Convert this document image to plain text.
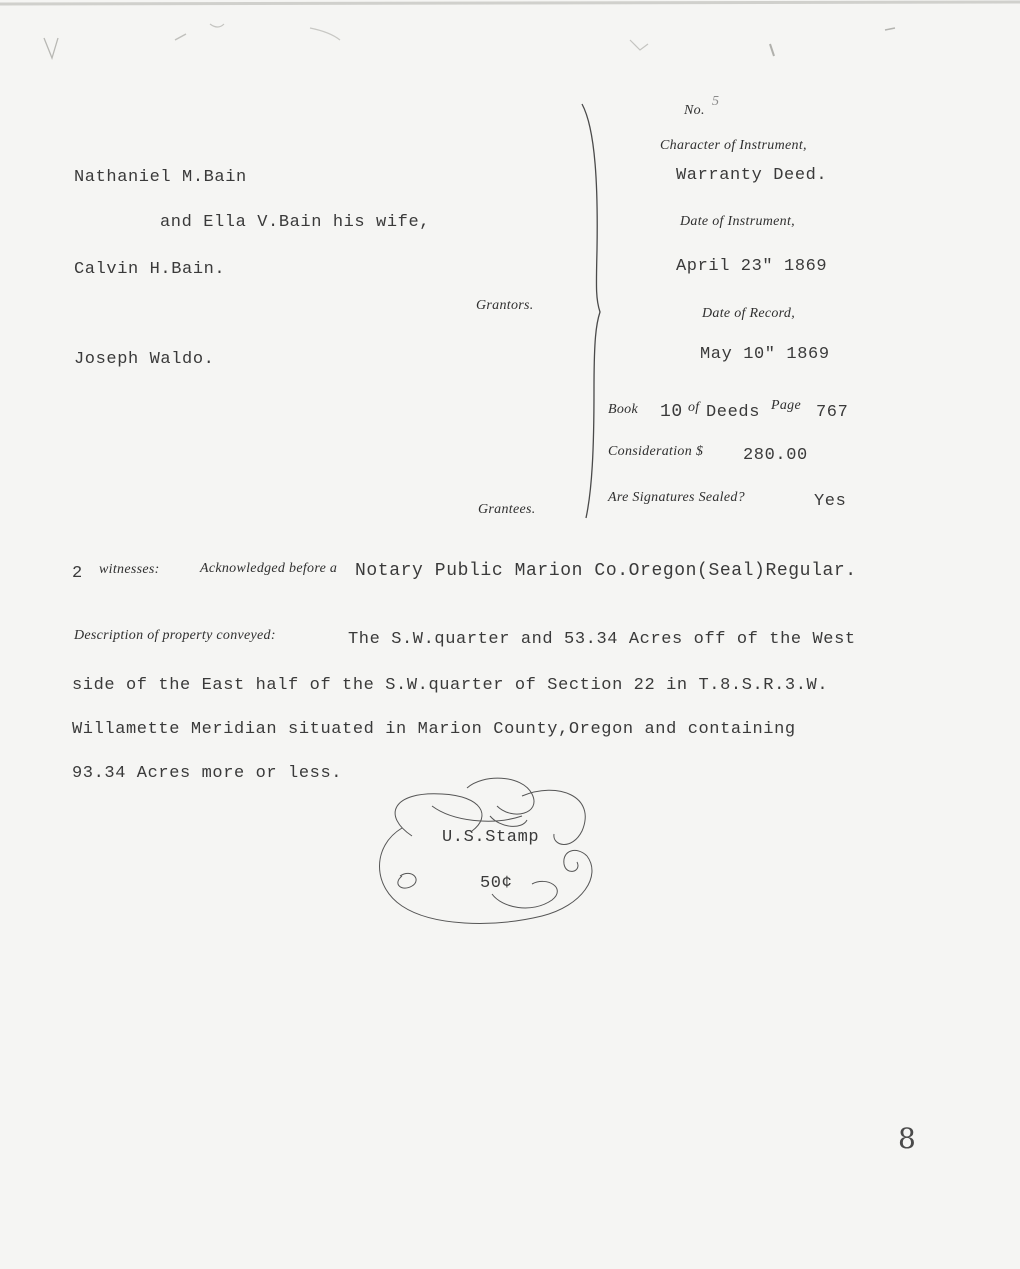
No.
5
Character of Instrument,
Warranty Deed.
Date of Instrument,
April 23" 1869
Date of Record,
May 10" 1869
Book 10 of Deeds Page 767
Consideration $ 280.00
Are Signatures Sealed?	Yes
Nathaniel M.Bain
and Ella V.Bain his wife,
Calvin H.Bain.
Grantors.
Joseph Waldo.
Grantees.
2 witnesses:	Acknowledged before a Notary Public Marion Co.Oregon(Seal)Regular.
Description of property conveyed:	The S.W.quarter and 53.34 Acres off of the West
side of the East half of the S.W.quarter of Section 22 in T.8.S.R.3.W.
Willamette Meridian situated in Marion County,Oregon and containing
93.34 Acres more or less.
U.S.Stamp
50¢
8
